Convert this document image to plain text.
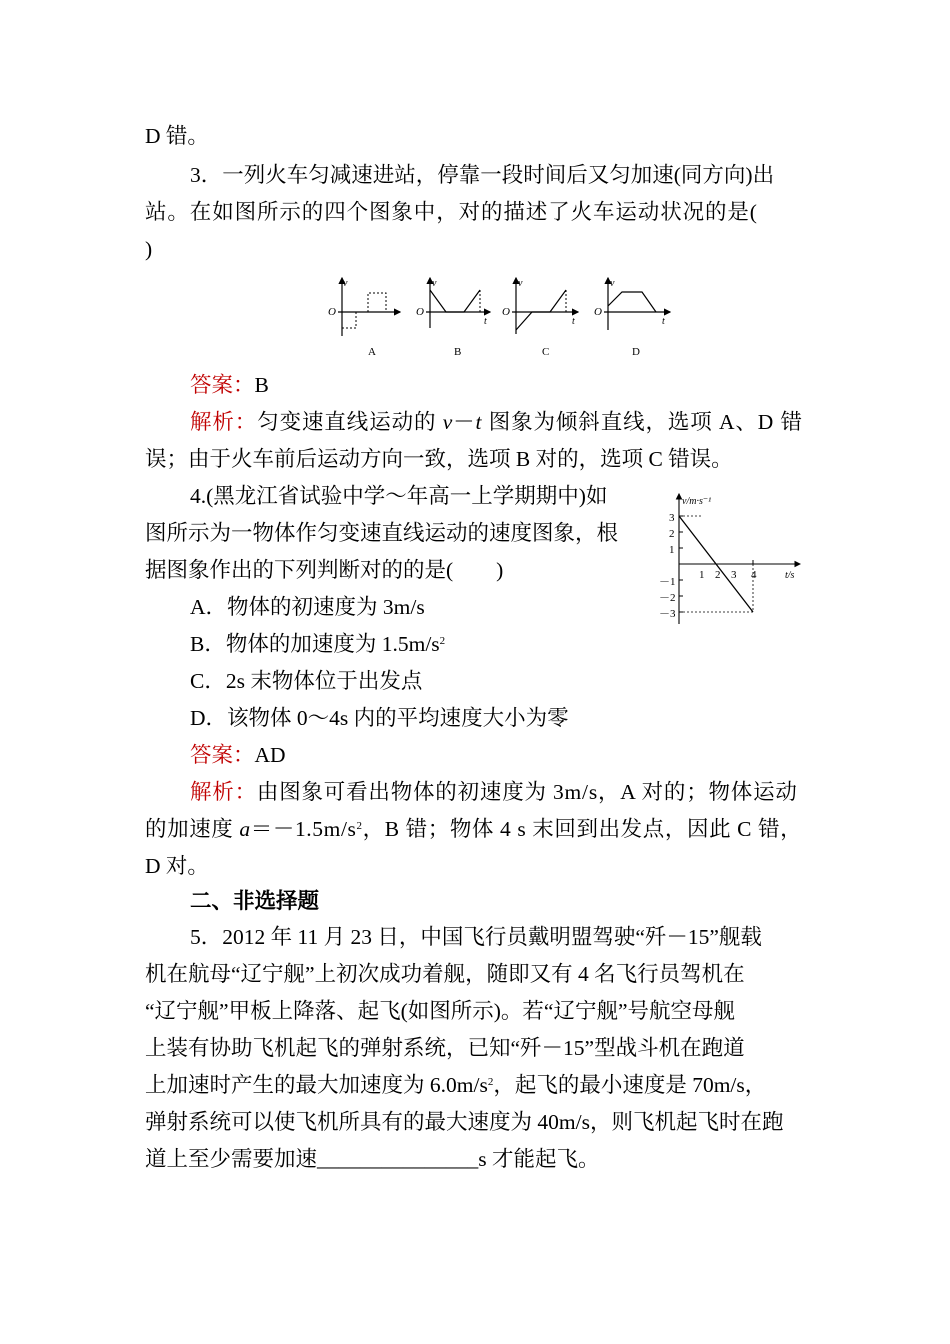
D 错。
3．一列火车匀减速进站，停靠一段时间后又匀加速(同方向)出
站。在如图所示的四个图象中，对的描述了火车运动状况的是(
)
v
O
A
v
O
t
B
v
O
t
C
v
O
t
D
答案：B
解析：匀变速直线运动的 v－t 图象为倾斜直线，选项 A、D 错
误；由于火车前后运动方向一致，选项 B 对的，选项 C 错误。
4.(黑龙江省试验中学～年高一上学期期中)如
图所示为一物体作匀变速直线运动的速度图象，根
据图象作出的下列判断对的的是(　　)
v/m·s⁻¹
t/s
3
2
1
－1
－2
－3
1 2 3 4
A．物体的初速度为 3m/s
B．物体的加速度为 $1.5m/s^2$
C．2s 末物体位于出发点
D．该物体 0～4s 内的平均速度大小为零
答案：AD
解析：由图象可看出物体的初速度为 3m/s，A 对的；物体运动
的加速度 $a=-1.5m/s^2$，B 错；物体 4 s 末回到出发点，因此 C 错，
D 对。
二、非选择题
5．2012 年 11 月 23 日，中国飞行员戴明盟驾驶“歼－15”舰载
机在航母“辽宁舰”上初次成功着舰，随即又有 4 名飞行员驾机在
“辽宁舰”甲板上降落、起飞(如图所示)。若“辽宁舰”号航空母舰
上装有协助飞机起飞的弹射系统，已知“歼－15”型战斗机在跑道
上加速时产生的最大加速度为 $6.0m/s^2$，起飞的最小速度是 70m/s，
弹射系统可以使飞机所具有的最大速度为 40m/s，则飞机起飞时在跑
道上至少需要加速_______________s 才能起飞。
